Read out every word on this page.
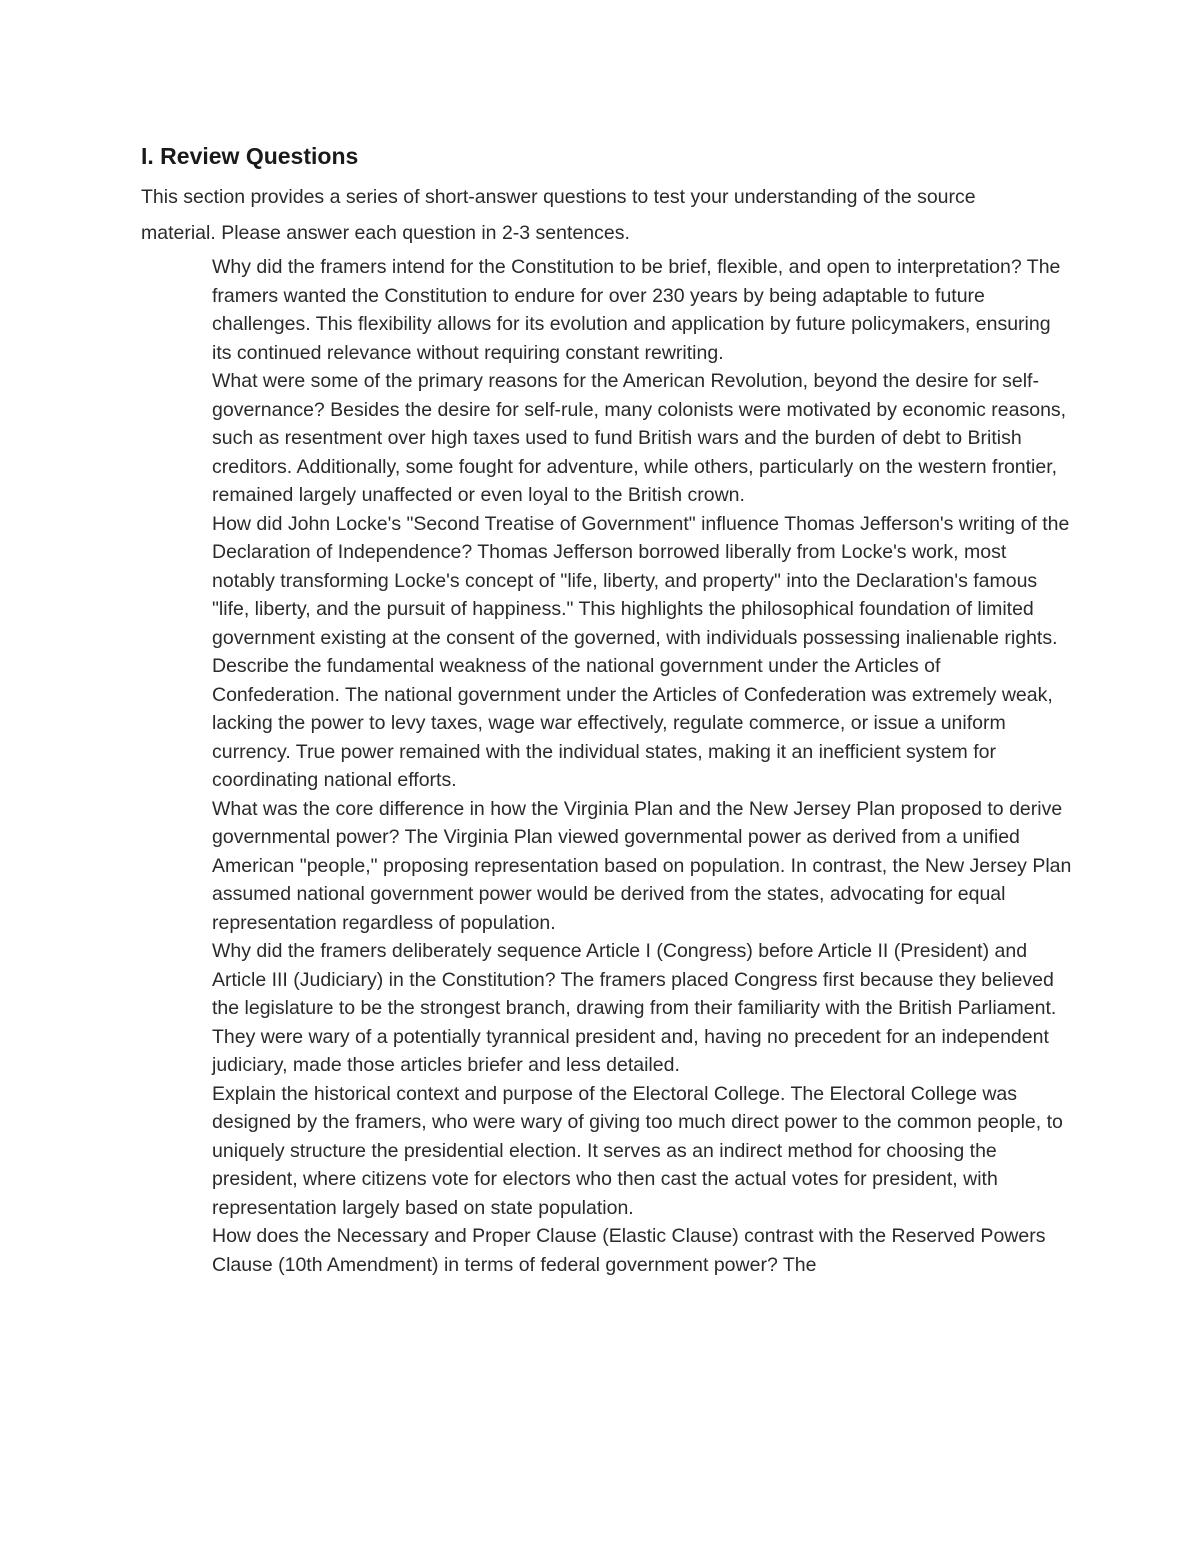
I. Review Questions

This section provides a series of short-answer questions to test your understanding of the source material. Please answer each question in 2-3 sentences.

Why did the framers intend for the Constitution to be brief, flexible, and open to interpretation? The framers wanted the Constitution to endure for over 230 years by being adaptable to future challenges. This flexibility allows for its evolution and application by future policymakers, ensuring its continued relevance without requiring constant rewriting.
What were some of the primary reasons for the American Revolution, beyond the desire for self-governance? Besides the desire for self-rule, many colonists were motivated by economic reasons, such as resentment over high taxes used to fund British wars and the burden of debt to British creditors. Additionally, some fought for adventure, while others, particularly on the western frontier, remained largely unaffected or even loyal to the British crown.
How did John Locke's "Second Treatise of Government" influence Thomas Jefferson's writing of the Declaration of Independence? Thomas Jefferson borrowed liberally from Locke's work, most notably transforming Locke's concept of "life, liberty, and property" into the Declaration's famous "life, liberty, and the pursuit of happiness." This highlights the philosophical foundation of limited government existing at the consent of the governed, with individuals possessing inalienable rights.
Describe the fundamental weakness of the national government under the Articles of Confederation. The national government under the Articles of Confederation was extremely weak, lacking the power to levy taxes, wage war effectively, regulate commerce, or issue a uniform currency. True power remained with the individual states, making it an inefficient system for coordinating national efforts.
What was the core difference in how the Virginia Plan and the New Jersey Plan proposed to derive governmental power? The Virginia Plan viewed governmental power as derived from a unified American "people," proposing representation based on population. In contrast, the New Jersey Plan assumed national government power would be derived from the states, advocating for equal representation regardless of population.
Why did the framers deliberately sequence Article I (Congress) before Article II (President) and Article III (Judiciary) in the Constitution? The framers placed Congress first because they believed the legislature to be the strongest branch, drawing from their familiarity with the British Parliament. They were wary of a potentially tyrannical president and, having no precedent for an independent judiciary, made those articles briefer and less detailed.
Explain the historical context and purpose of the Electoral College. The Electoral College was designed by the framers, who were wary of giving too much direct power to the common people, to uniquely structure the presidential election. It serves as an indirect method for choosing the president, where citizens vote for electors who then cast the actual votes for president, with representation largely based on state population.
How does the Necessary and Proper Clause (Elastic Clause) contrast with the Reserved Powers Clause (10th Amendment) in terms of federal government power? The
